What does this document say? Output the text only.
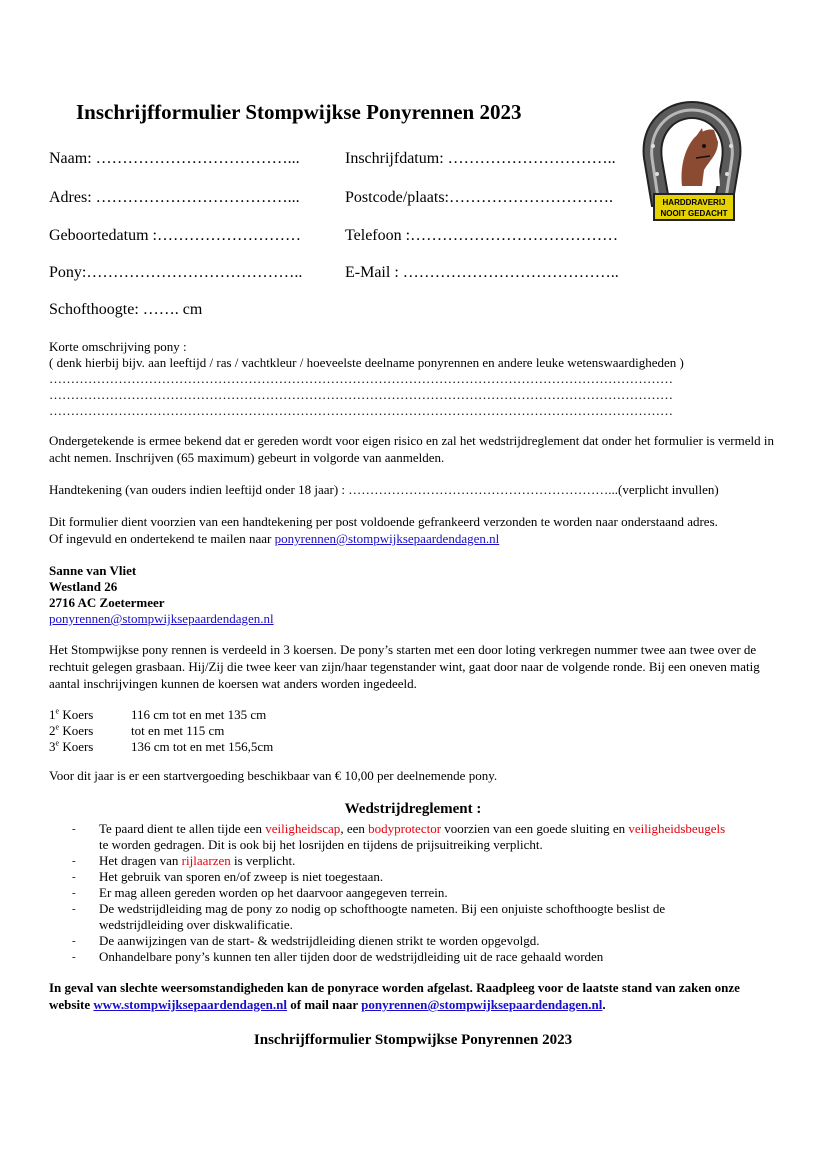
Inschrijfformulier Stompwijkse Ponyrennen 2023
HARDDRAVERIJ
NOOIT GEDACHT
Naam: ………………………………...	Inschrijfdatum: …………………………..
Adres: ………………………………...	Postcode/plaats:………………………….
Geboortedatum :………………………	Telefoon :…………………………………
Pony:…………………………………..	E-Mail : …………………………………..
Schofthoogte: ……. cm
Korte omschrijving pony :
( denk hierbij bijv. aan leeftijd / ras / vachtkleur / hoeveelste deelname ponyrennen en andere leuke wetenswaardigheden )
………………………………………………………………………………………………………………………………
………………………………………………………………………………………………………………………………
………………………………………………………………………………………………………………………………
Ondergetekende is ermee bekend dat er gereden wordt voor eigen risico en zal het wedstrijdreglement dat onder het formulier is vermeld in acht nemen. Inschrijven (65 maximum) gebeurt in volgorde van aanmelden.
Handtekening (van ouders indien leeftijd onder 18 jaar) : ……………………………………………………...(verplicht invullen)
Dit formulier dient voorzien van een handtekening per post voldoende gefrankeerd verzonden te worden naar onderstaand adres.
Of ingevuld en ondertekend te mailen naar ponyrennen@stompwijksepaardendagen.nl
Sanne van Vliet
Westland 26
2716 AC Zoetermeer
ponyrennen@stompwijksepaardendagen.nl
Het Stompwijkse pony rennen is verdeeld in 3 koersen. De pony’s starten met een door loting verkregen nummer twee aan twee over de rechtuit gelegen grasbaan. Hij/Zij die twee keer van zijn/haar tegenstander wint, gaat door naar de volgende ronde. Bij een oneven matig aantal inschrijvingen kunnen de koersen wat anders worden ingedeeld.
1e Koers	116 cm tot en met 135 cm
2e Koers	tot en met 115 cm
3e Koers	136 cm tot en met 156,5cm
Voor dit jaar is er een startvergoeding beschikbaar van € 10,00 per deelnemende pony.
Wedstrijdreglement :
-	Te paard dient te allen tijde een veiligheidscap, een bodyprotector voorzien van een goede sluiting en veiligheidsbeugels te worden gedragen. Dit is ook bij het losrijden en tijdens de prijsuitreiking verplicht.
-	Het dragen van rijlaarzen is verplicht.
-	Het gebruik van sporen en/of zweep is niet toegestaan.
-	Er mag alleen gereden worden op het daarvoor aangegeven terrein.
-	De wedstrijdleiding mag de pony zo nodig op schofthoogte nameten. Bij een onjuiste schofthoogte beslist de wedstrijdleiding over diskwalificatie.
-	De aanwijzingen van de start- & wedstrijdleiding dienen strikt te worden opgevolgd.
-	Onhandelbare pony’s kunnen ten aller tijden door de wedstrijdleiding uit de race gehaald worden
In geval van slechte weersomstandigheden kan de ponyrace worden afgelast. Raadpleeg voor de laatste stand van zaken onze website www.stompwijksepaardendagen.nl of mail naar ponyrennen@stompwijksepaardendagen.nl.
Inschrijfformulier Stompwijkse Ponyrennen 2023
